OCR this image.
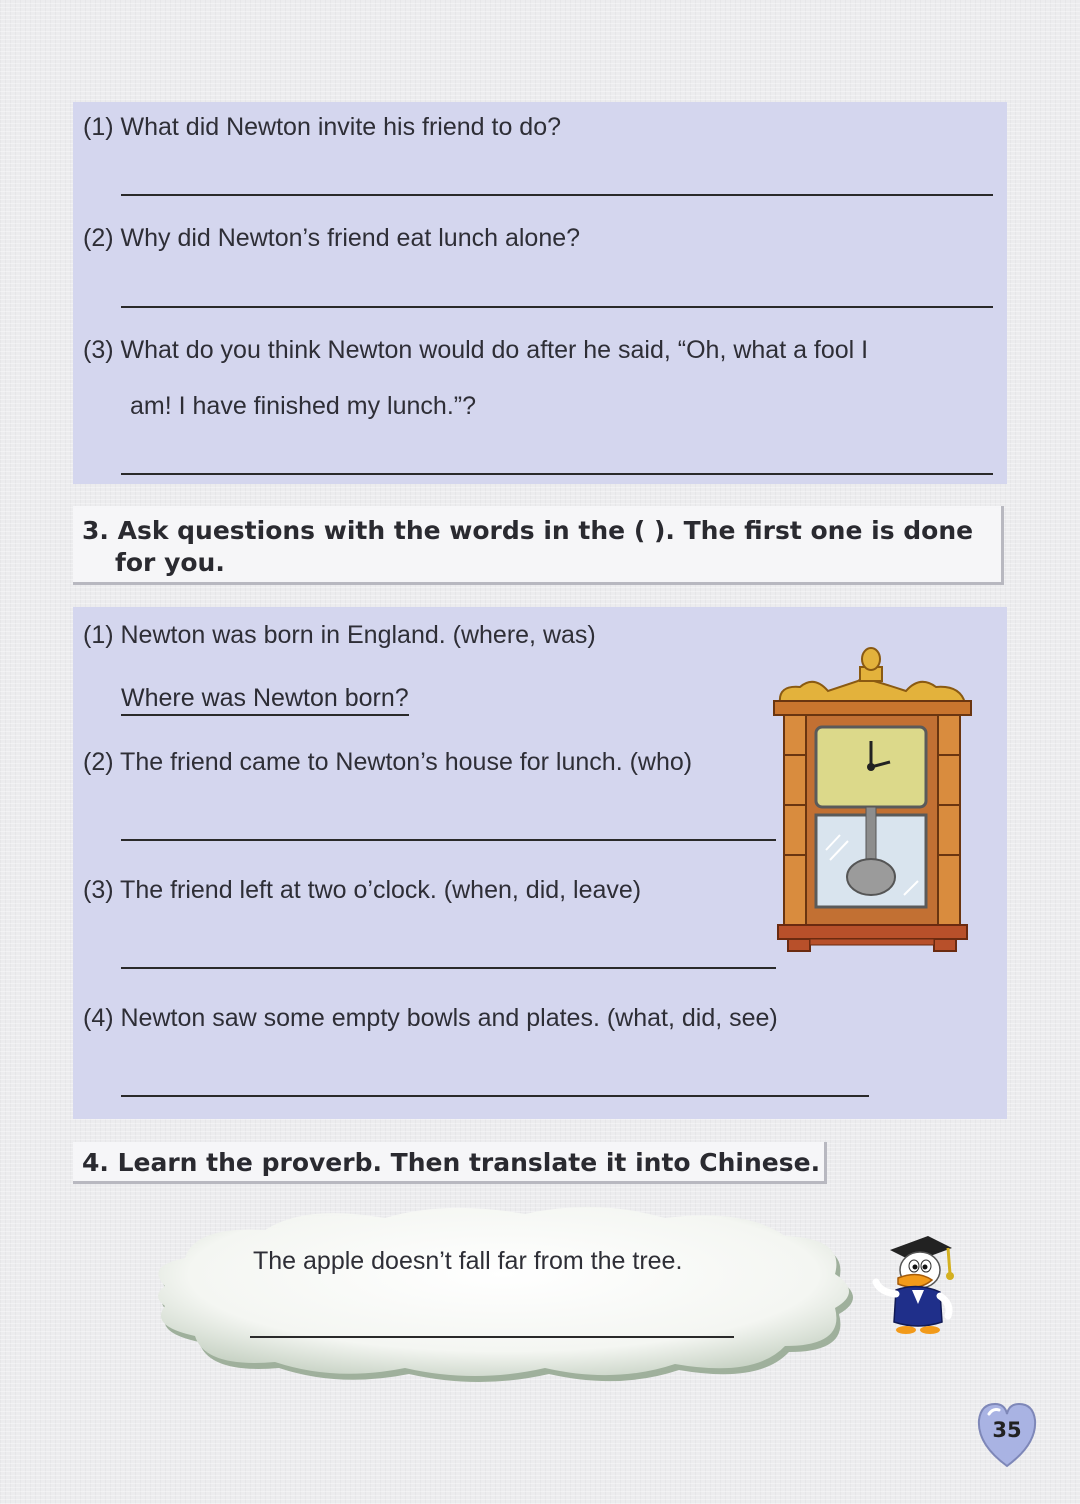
(1) What did Newton invite his friend to do?
(2) Why did Newton’s friend eat lunch alone?
(3) What do you think Newton would do after he said, “Oh, what a fool I
am! I have finished my lunch.”?
3. Ask questions with the words in the ( ). The first one is done
for you.
(1) Newton was born in England. (where, was)
Where was Newton born?
(2) The friend came to Newton’s house for lunch. (who)
(3) The friend left at two o’clock. (when, did, leave)
(4) Newton saw some empty bowls and plates. (what, did, see)
4. Learn the proverb. Then translate it into Chinese.
The apple doesn’t fall far from the tree.
35
